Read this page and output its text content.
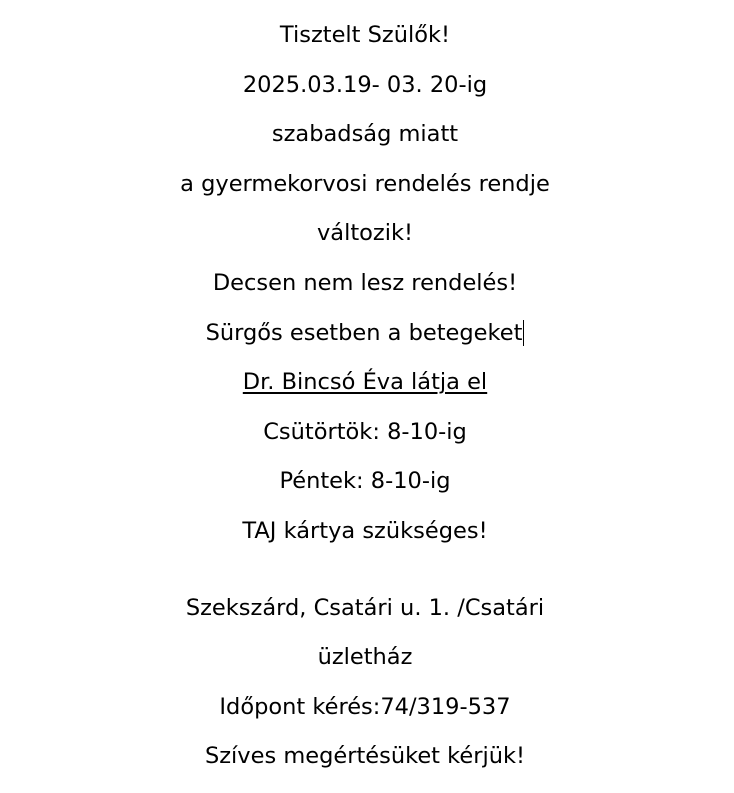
Tisztelt Szülők!
2025.03.19- 03. 20-ig
szabadság miatt
a gyermekorvosi rendelés rendje
változik!
Decsen nem lesz rendelés!
Sürgős esetben a betegeket
Dr. Bincsó Éva látja el
Csütörtök: 8-10-ig
Péntek: 8-10-ig
TAJ kártya szükséges!
Szekszárd, Csatári u. 1. /Csatári
üzletház
Időpont kérés:74/319-537
Szíves megértésüket kérjük!
